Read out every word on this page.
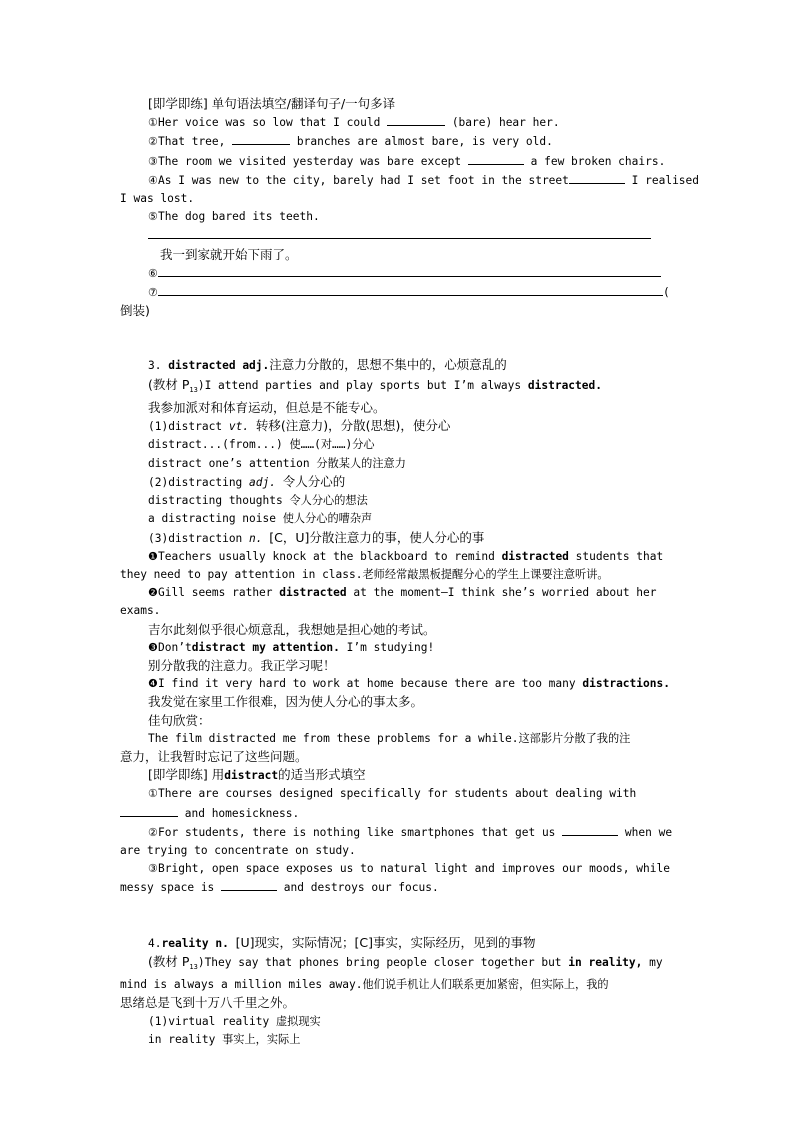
[即学即练] 单句语法填空/翻译句子/一句多译
①Her voice was so low that I could	(bare) hear her.
②That tree,	branches are almost bare, is very old.
③The room we visited yesterday was bare except	a few broken chairs.
④As I was new to the city, barely had I set foot in the street	I realised
I was lost.
⑤The dog bared its teeth.
我一到家就开始下雨了。
⑥
⑦	(
倒装)
3. distracted adj.注意力分散的，思想不集中的，心烦意乱的
(教材 $P_{13})I$ attend parties and play sports but I’m always distracted.
我参加派对和体育运动，但总是不能专心。
(1)distract vt. 转移(注意力)，分散(思想)，使分心
distract...(from...) 使……(对……)分心
distract one’s attention 分散某人的注意力
(2)distracting adj. 令人分心的
distracting thoughts 令人分心的想法
a distracting noise 使人分心的嘈杂声
(3)distraction n. [C，U]分散注意力的事，使人分心的事
❶Teachers usually knock at the blackboard to remind distracted students that
they need to pay attention in class.老师经常敲黑板提醒分心的学生上课要注意听讲。
❷Gill seems rather distracted at the moment—I think she’s worried about her
exams.
吉尔此刻似乎很心烦意乱，我想她是担心她的考试。
❸Don’tdistract my attention. I’m studying!
别分散我的注意力。我正学习呢！
❹I find it very hard to work at home because there are too many distractions.
我发觉在家里工作很难，因为使人分心的事太多。
佳句欣赏：
The film distracted me from these problems for a while.这部影片分散了我的注
意力，让我暂时忘记了这些问题。
[即学即练] 用distract的适当形式填空
①There are courses designed specifically for students about dealing with
and homesickness.
②For students, there is nothing like smartphones that get us	when we
are trying to concentrate on study.
③Bright, open space exposes us to natural light and improves our moods, while
messy space is	and destroys our focus.
4.reality n. [U]现实，实际情况；[C]事实，实际经历，见到的事物
(教材 $P_{13})They$ say that phones bring people closer together but in reality, my
mind is always a million miles away.他们说手机让人们联系更加紧密，但实际上，我的
思绪总是飞到十万八千里之外。
(1)virtual reality 虚拟现实
in reality 事实上，实际上
